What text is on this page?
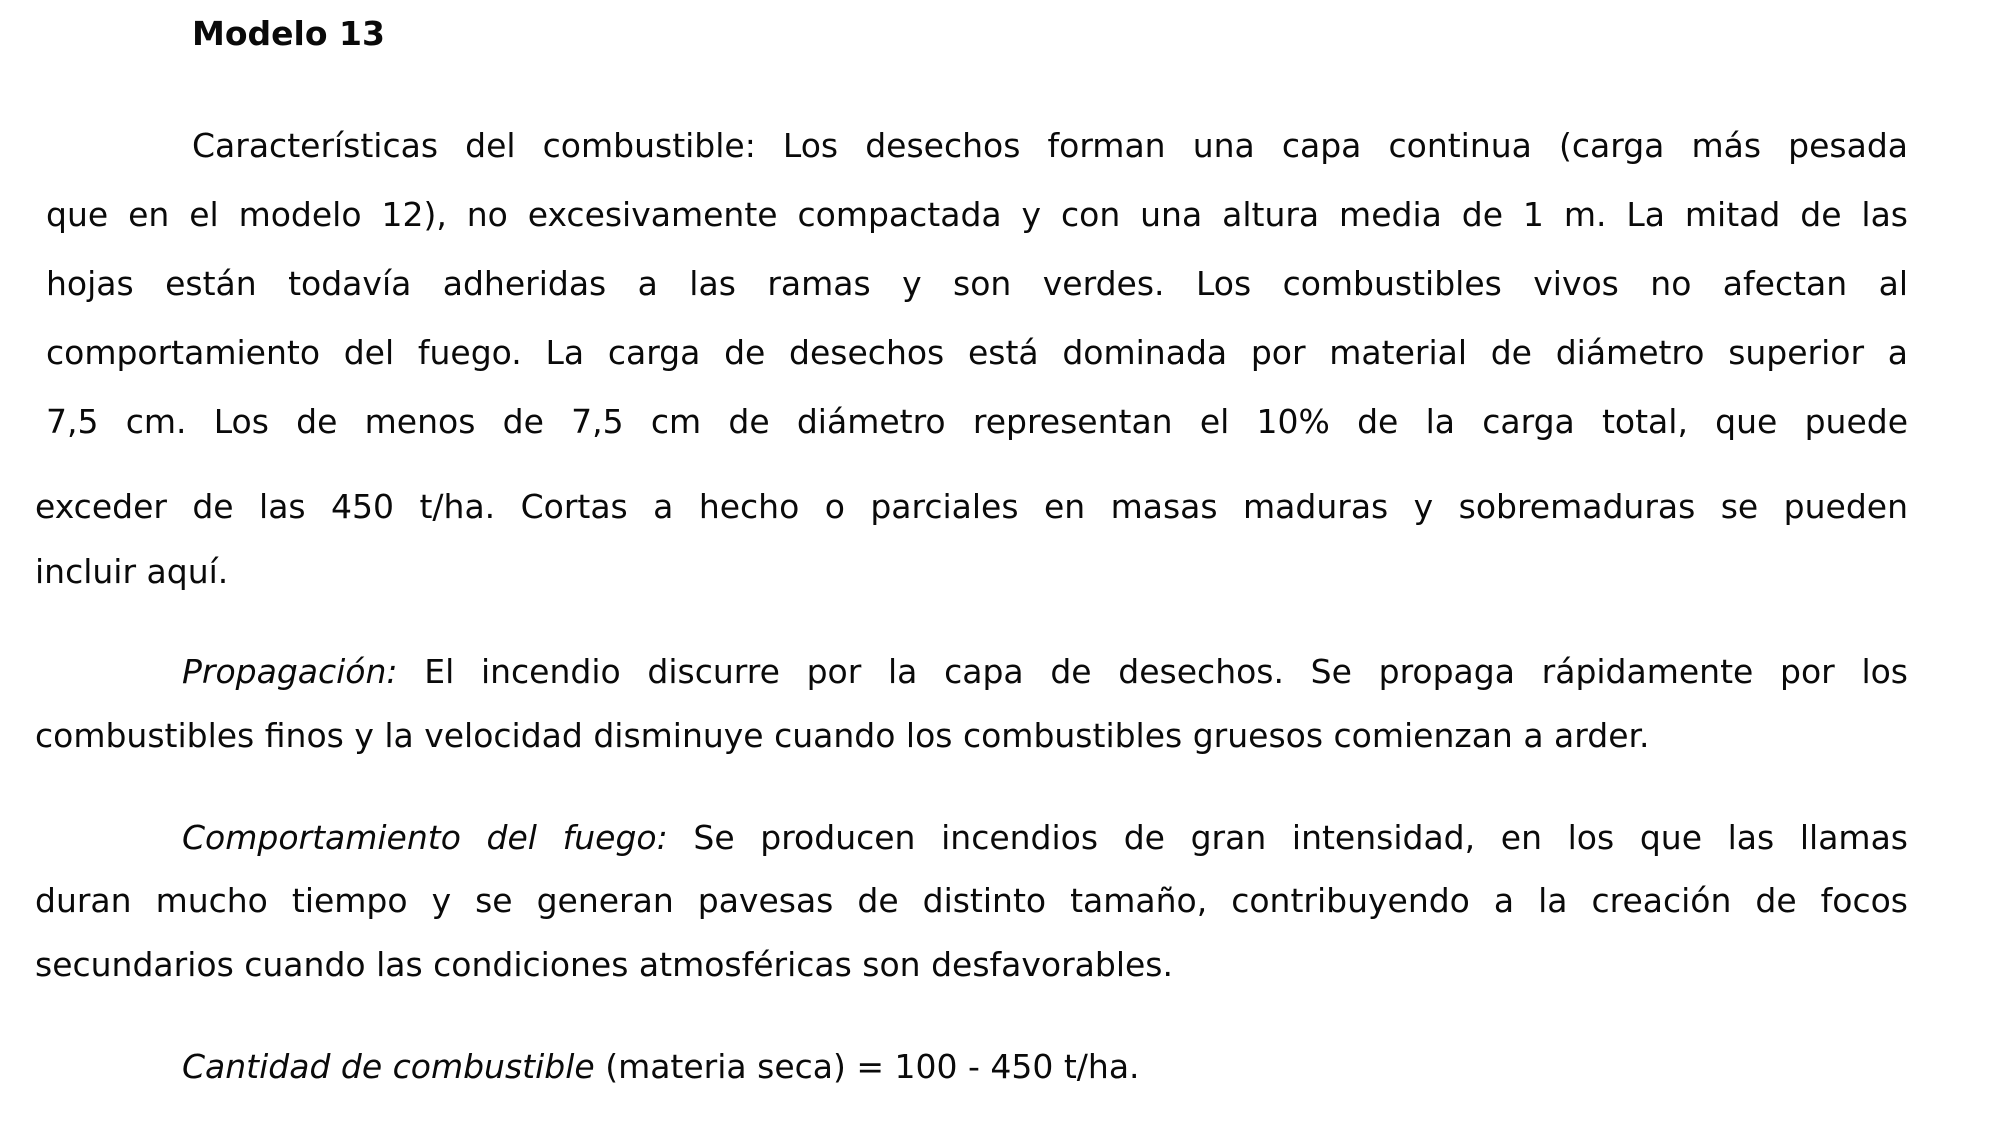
Modelo 13
Características del combustible: Los desechos forman una capa continua (carga más pesada
que en el modelo 12), no excesivamente compactada y con una altura media de 1 m. La mitad de las
hojas están todavía adheridas a las ramas y son verdes. Los combustibles vivos no afectan al
comportamiento del fuego. La carga de desechos está dominada por material de diámetro superior a
7,5 cm. Los de menos de 7,5 cm de diámetro representan el 10% de la carga total, que puede
exceder de las 450 t/ha. Cortas a hecho o parciales en masas maduras y sobremaduras se pueden
incluir aquí.
Propagación: El incendio discurre por la capa de desechos. Se propaga rápidamente por los
combustibles finos y la velocidad disminuye cuando los combustibles gruesos comienzan a arder.
Comportamiento del fuego: Se producen incendios de gran intensidad, en los que las llamas
duran mucho tiempo y se generan pavesas de distinto tamaño, contribuyendo a la creación de focos
secundarios cuando las condiciones atmosféricas son desfavorables.
Cantidad de combustible (materia seca) = 100 - 450 t/ha.
